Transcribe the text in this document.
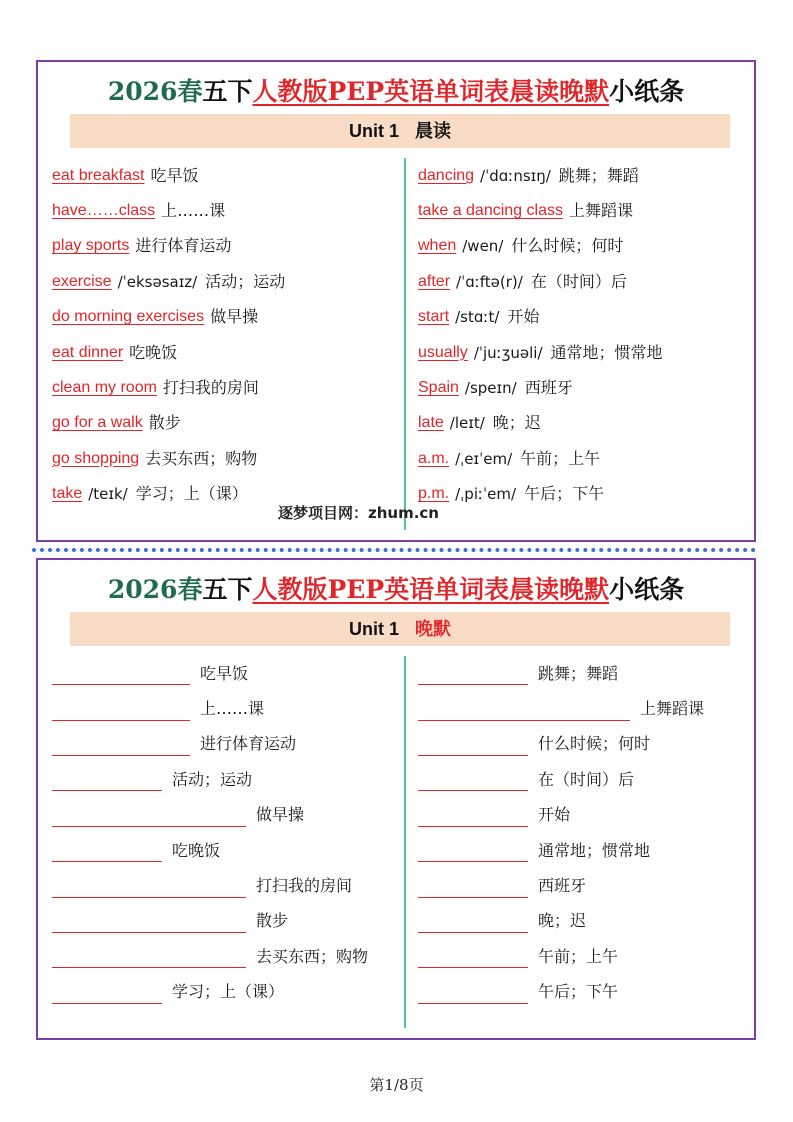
2026春五下人教版PEP英语单词表晨读晚默小纸条
Unit 1 晨读
eat breakfast 吃早饭
have……class 上……课
play sports 进行体育运动
exercise /ˈeksəsaɪz/ 活动；运动
do morning exercises 做早操
eat dinner 吃晚饭
clean my room 打扫我的房间
go for a walk 散步
go shopping 去买东西；购物
take /teɪk/ 学习；上（课）
dancing /ˈdɑːnsɪŋ/ 跳舞；舞蹈
take a dancing class 上舞蹈课
when /wen/ 什么时候；何时
after /ˈɑːftə(r)/ 在（时间）后
start /stɑːt/ 开始
usually /ˈjuːʒuəli/ 通常地；惯常地
Spain /speɪn/ 西班牙
late /leɪt/ 晚；迟
a.m. /ˌeɪˈem/ 午前；上午
p.m. /ˌpiːˈem/ 午后；下午
逐梦项目网：zhum.cn
2026春五下人教版PEP英语单词表晨读晚默小纸条
Unit 1 晚默
吃早饭
上……课
进行体育运动
活动；运动
做早操
吃晚饭
打扫我的房间
散步
去买东西；购物
学习；上（课）
跳舞；舞蹈
上舞蹈课
什么时候；何时
在（时间）后
开始
通常地；惯常地
西班牙
晚；迟
午前；上午
午后；下午
第1/8页
